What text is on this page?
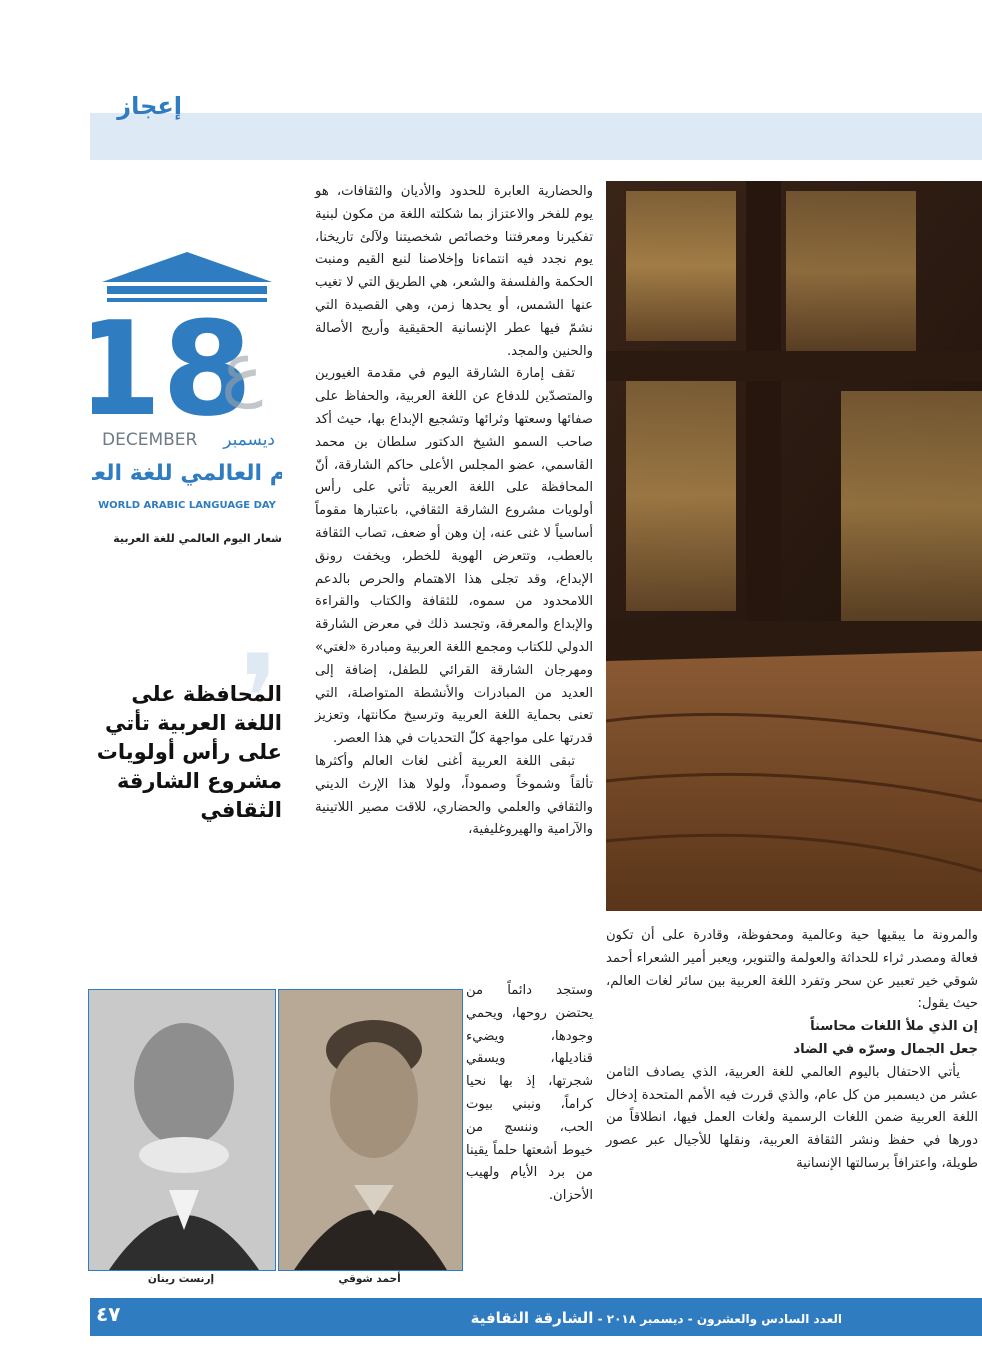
إعجاز
18
ع
DECEMBER ديسمبر
م العالمي للغة الع
WORLD ARABIC LANGUAGE DAY
شعار اليوم العالمي للغة العربية
❜
المحافظة على اللغة العربية تأتي على رأس أولويات مشروع الشارقة الثقافي

والحضارية العابرة للحدود والأديان والثقافات، هو يوم للفخر والاعتزاز بما شكلته اللغة من مكون لبنية تفكيرنا ومعرفتنا وخصائص شخصيتنا ولآلئ تاريخنا، يوم نجدد فيه انتماءنا وإخلاصنا لنبع القيم ومنبت الحكمة والفلسفة والشعر، هي الطريق التي لا تغيب عنها الشمس، أو يحدها زمن، وهي القصيدة التي نشمّ فيها عطر الإنسانية الحقيقية وأريج الأصالة والحنين والمجد.

تقف إمارة الشارقة اليوم في مقدمة الغيورين والمتصدّين للدفاع عن اللغة العربية، والحفاظ على صفائها وسعتها وثرائها وتشجيع الإبداع بها، حيث أكد صاحب السمو الشيخ الدكتور سلطان بن محمد القاسمي، عضو المجلس الأعلى حاكم الشارقة، أنّ المحافظة على اللغة العربية تأتي على رأس أولويات مشروع الشارقة الثقافي، باعتبارها مقوماً أساسياً لا غنى عنه، إن وهن أو ضعف، تصاب الثقافة بالعطب، وتتعرض الهوية للخطر، ويخفت رونق الإبداع، وقد تجلى هذا الاهتمام والحرص بالدعم اللامحدود من سموه، للثقافة والكتاب والقراءة والإبداع والمعرفة، وتجسد ذلك في معرض الشارقة الدولي للكتاب ومجمع اللغة العربية ومبادرة «لغتي» ومهرجان الشارقة القرائي للطفل، إضافة إلى العديد من المبادرات والأنشطة المتواصلة، التي تعنى بحماية اللغة العربية وترسيخ مكانتها، وتعزيز قدرتها على مواجهة كلّ التحديات في هذا العصر.

تبقى اللغة العربية أغنى لغات العالم وأكثرها تألقاً وشموخاً وصموداً، ولولا هذا الإرث الديني والثقافي والعلمي والحضاري، للاقت مصير اللاتينية والآرامية والهيروغليفية،

وستجد دائماً من يحتضن روحها، ويحمي وجودها، ويضيء قناديلها، ويسقي شجرتها، إذ بها نحيا كراماً، ونبني بيوت الحب، وننسج من خيوط أشعتها حلماً يقينا من برد الأيام ولهيب الأحزان.

والمرونة ما يبقيها حية وعالمية ومحفوظة، وقادرة على أن تكون فعالة ومصدر ثراء للحداثة والعولمة والتنوير، ويعبر أمير الشعراء أحمد شوقي خير تعبير عن سحر وتفرد اللغة العربية بين سائر لغات العالم، حيث يقول:

إن الذي ملأ اللغات محاسناً
جعل الجمال وسرّه في الضاد

يأتي الاحتفال باليوم العالمي للغة العربية، الذي يصادف الثامن عشر من ديسمبر من كل عام، والذي قررت فيه الأمم المتحدة إدخال اللغة العربية ضمن اللغات الرسمية ولغات العمل فيها، انطلاقاً من دورها في حفظ ونشر الثقافة العربية، ونقلها للأجيال عبر عصور طويلة، واعترافاً برسالتها الإنسانية

إرنست رينان	أحمد شوقي
العدد السادس والعشرون - ديسمبر ٢٠١٨ - الشارقة الثقافية
٤٧
